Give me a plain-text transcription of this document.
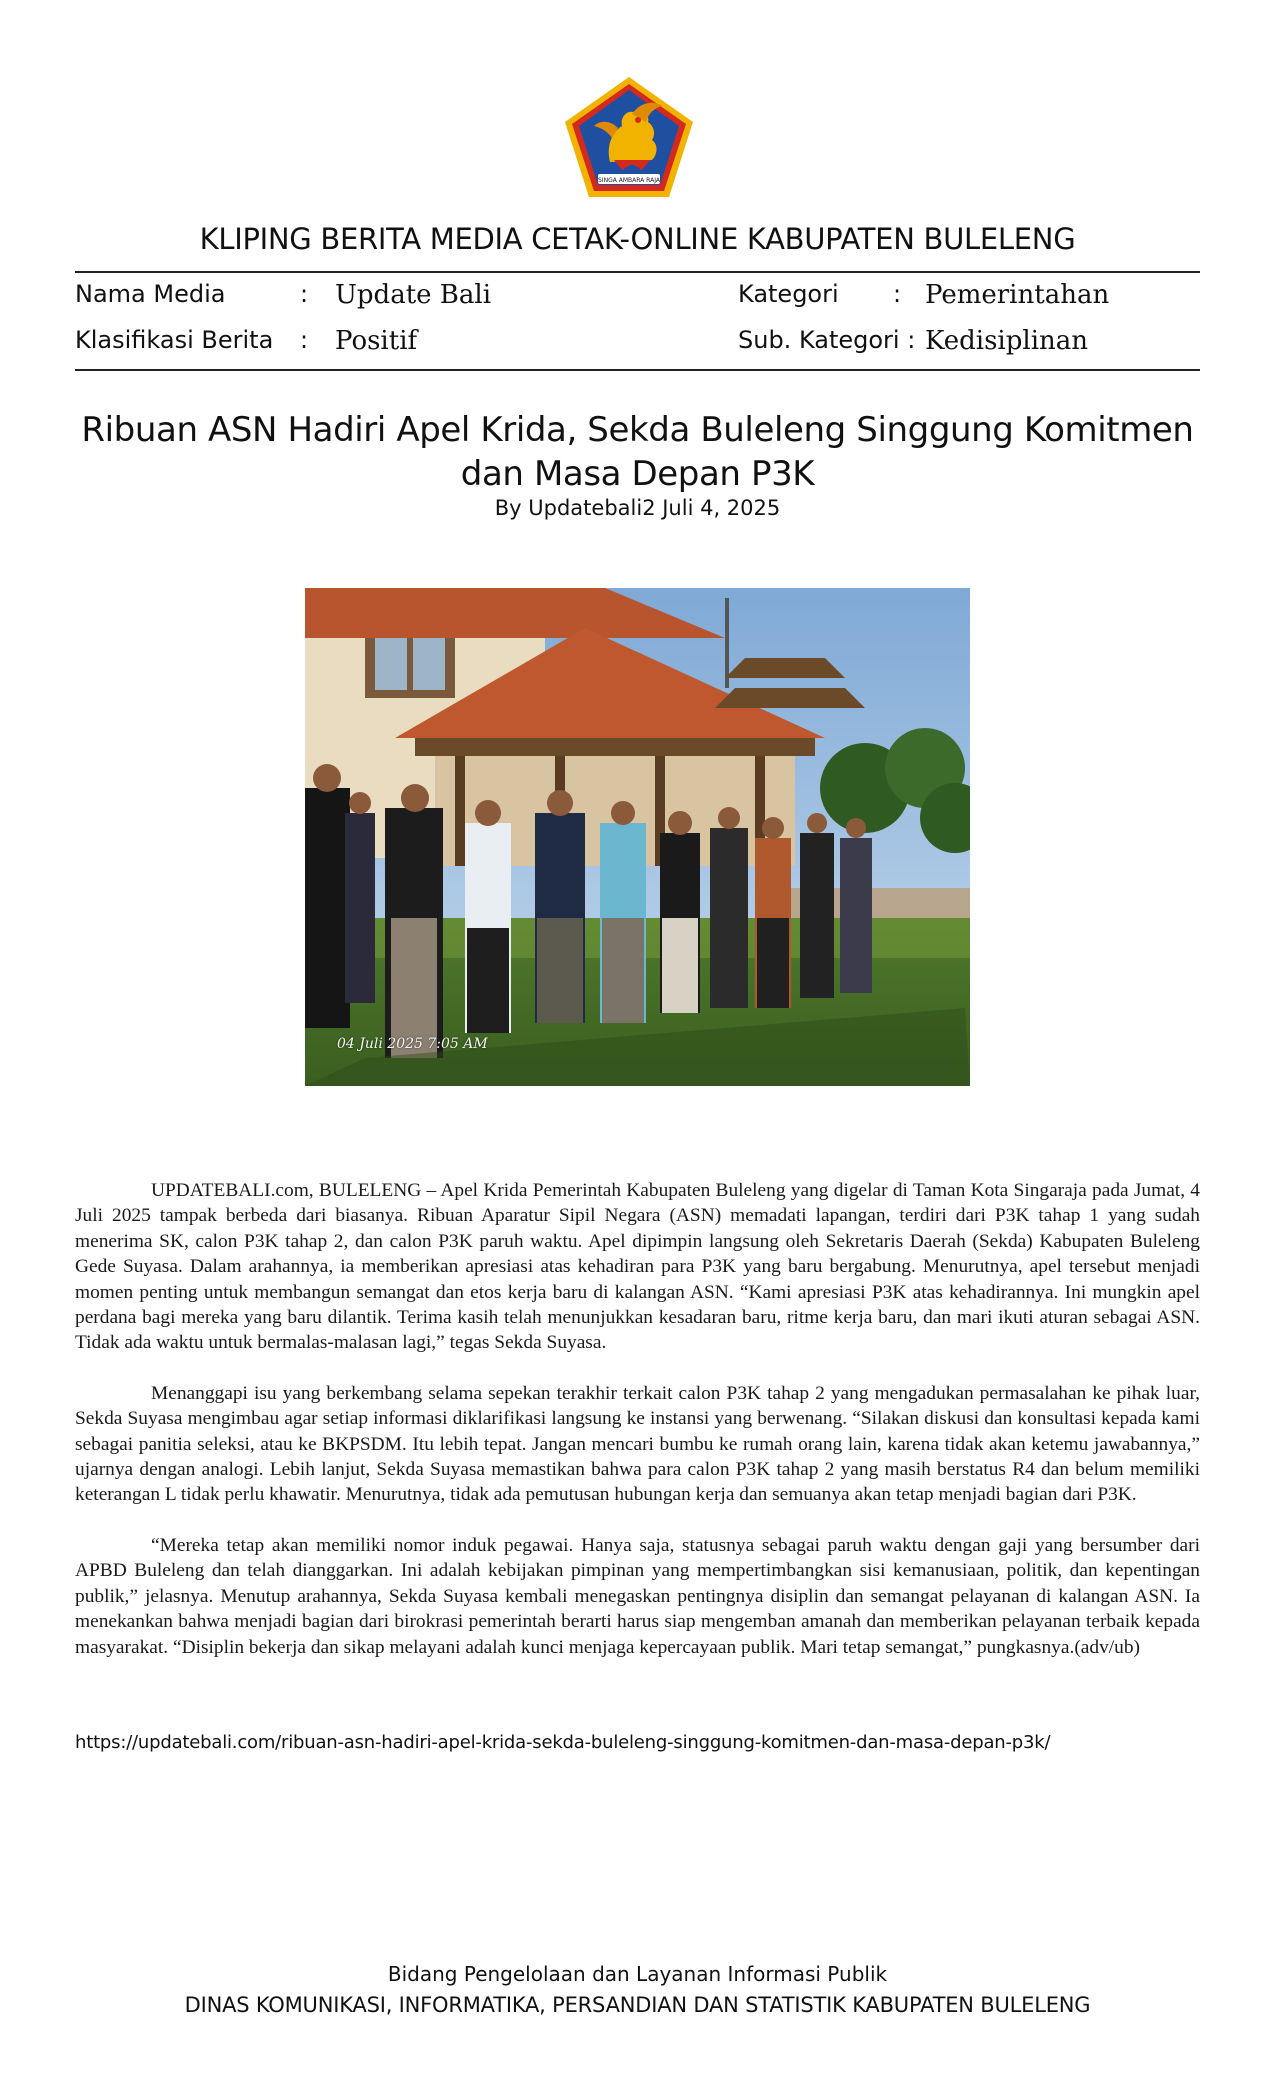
SINGA AMBARA RAJA
KLIPING BERITA MEDIA CETAK-ONLINE KABUPATEN BULELENG
Nama Media	: Update Bali	Kategori : Pemerintahan
Klasifikasi Berita : Positif	Sub. Kategori : Kedisiplinan
Ribuan ASN Hadiri Apel Krida, Sekda Buleleng Singgung Komitmen dan Masa Depan P3K
By Updatebali2 Juli 4, 2025
04 Juli 2025 7:05 AM

UPDATEBALI.com, BULELENG – Apel Krida Pemerintah Kabupaten Buleleng yang digelar di Taman Kota Singaraja pada Jumat, 4 Juli 2025 tampak berbeda dari biasanya. Ribuan Aparatur Sipil Negara (ASN) memadati lapangan, terdiri dari P3K tahap 1 yang sudah menerima SK, calon P3K tahap 2, dan calon P3K paruh waktu. Apel dipimpin langsung oleh Sekretaris Daerah (Sekda) Kabupaten Buleleng Gede Suyasa. Dalam arahannya, ia memberikan apresiasi atas kehadiran para P3K yang baru bergabung. Menurutnya, apel tersebut menjadi momen penting untuk membangun semangat dan etos kerja baru di kalangan ASN. “Kami apresiasi P3K atas kehadirannya. Ini mungkin apel perdana bagi mereka yang baru dilantik. Terima kasih telah menunjukkan kesadaran baru, ritme kerja baru, dan mari ikuti aturan sebagai ASN. Tidak ada waktu untuk bermalas-malasan lagi,” tegas Sekda Suyasa.

Menanggapi isu yang berkembang selama sepekan terakhir terkait calon P3K tahap 2 yang mengadukan permasalahan ke pihak luar, Sekda Suyasa mengimbau agar setiap informasi diklarifikasi langsung ke instansi yang berwenang. “Silakan diskusi dan konsultasi kepada kami sebagai panitia seleksi, atau ke BKPSDM. Itu lebih tepat. Jangan mencari bumbu ke rumah orang lain, karena tidak akan ketemu jawabannya,” ujarnya dengan analogi. Lebih lanjut, Sekda Suyasa memastikan bahwa para calon P3K tahap 2 yang masih berstatus R4 dan belum memiliki keterangan L tidak perlu khawatir. Menurutnya, tidak ada pemutusan hubungan kerja dan semuanya akan tetap menjadi bagian dari P3K.

“Mereka tetap akan memiliki nomor induk pegawai. Hanya saja, statusnya sebagai paruh waktu dengan gaji yang bersumber dari APBD Buleleng dan telah dianggarkan. Ini adalah kebijakan pimpinan yang mempertimbangkan sisi kemanusiaan, politik, dan kepentingan publik,” jelasnya. Menutup arahannya, Sekda Suyasa kembali menegaskan pentingnya disiplin dan semangat pelayanan di kalangan ASN. Ia menekankan bahwa menjadi bagian dari birokrasi pemerintah berarti harus siap mengemban amanah dan memberikan pelayanan terbaik kepada masyarakat. “Disiplin bekerja dan sikap melayani adalah kunci menjaga kepercayaan publik. Mari tetap semangat,” pungkasnya.(adv/ub)

https://updatebali.com/ribuan-asn-hadiri-apel-krida-sekda-buleleng-singgung-komitmen-dan-masa-depan-p3k/
Bidang Pengelolaan dan Layanan Informasi Publik
DINAS KOMUNIKASI, INFORMATIKA, PERSANDIAN DAN STATISTIK KABUPATEN BULELENG
